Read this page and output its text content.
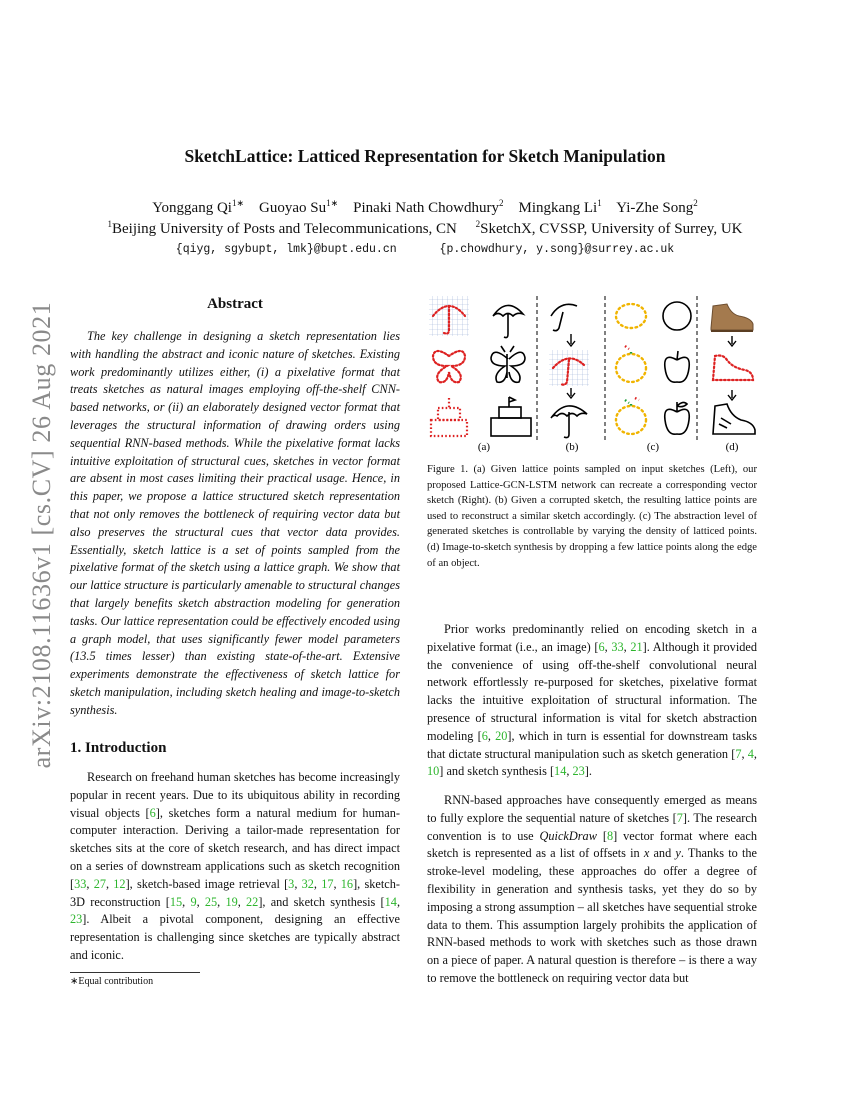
SketchLattice: Latticed Representation for Sketch Manipulation
Yonggang $Qi^{1∗}$ Guoyao $Su^{1∗}$ Pinaki Nath Chowdhury$^2$ Mingkang Li$^1$ Yi-Zhe Song$^2$
$^1$Beijing University of Posts and Telecommunications, CN $^2$SketchX, CVSSP, University of Surrey, UK
{qiyg, sgybupt, lmk}@bupt.edu.cn	{p.chowdhury, y.song}@surrey.ac.uk
arXiv:2108.11636v1 [cs.CV] 26 Aug 2021	Abstract

The key challenge in designing a sketch representation lies with handling the abstract and iconic nature of sketches. Existing work predominantly utilizes either, (i) a pixelative format that treats sketches as natural images employing off-the-shelf CNN-based networks, or (ii) an elaborately designed vector format that leverages the structural information of drawing orders using sequential RNN-based methods. While the pixelative format lacks intuitive exploitation of structural cues, sketches in vector format are absent in most cases limiting their practical usage. Hence, in this paper, we propose a lattice structured sketch representation that not only removes the bottleneck of requiring vector data but also preserves the structural cues that vector data provides. Essentially, sketch lattice is a set of points sampled from the pixelative format of the sketch using a lattice graph. We show that our lattice structure is particularly amenable to structural changes that largely benefits sketch abstraction modeling for generation tasks. Our lattice representation could be effectively encoded using a graph model, that uses significantly fewer model parameters (13.5 times lesser) than existing state-of-the-art. Extensive experiments demonstrate the effectiveness of sketch lattice for sketch manipulation, including sketch healing and image-to-sketch synthesis.

1. Introduction

Research on freehand human sketches has become increasingly popular in recent years. Due to its ubiquitous ability in recording visual objects [6], sketches form a natural medium for human-computer interaction. Deriving a tailor-made representation for sketches sits at the core of sketch research, and has direct impact on a series of downstream applications such as sketch recognition [33, 27, 12], sketch-based image retrieval [3, 32, 17, 16], sketch-3D reconstruction [15, 9, 25, 19, 22], and sketch synthesis [14, 23]. Albeit a pivotal component, designing an effective representation is challenging since sketches are typically abstract and iconic.

∗Equal contribution
(a)	(b)	(c)	(d)

Figure 1. (a) Given lattice points sampled on input sketches (Left), our proposed Lattice-GCN-LSTM network can recreate a corresponding vector sketch (Right). (b) Given a corrupted sketch, the resulting lattice points are used to reconstruct a similar sketch accordingly. (c) The abstraction level of generated sketches is controllable by varying the density of latticed points. (d) Image-to-sketch synthesis by dropping a few lattice points along the edge of an object.

Prior works predominantly relied on encoding sketch in a pixelative format (i.e., an image) [6, 33, 21]. Although it provided the convenience of using off-the-shelf convolutional neural network effortlessly re-purposed for sketches, pixelative format lacks the intuitive exploitation of structural information. The presence of structural information is vital for sketch abstraction modeling [6, 20], which in turn is essential for downstream tasks that dictate structural manipulation such as sketch generation [7, 4, 10] and sketch synthesis [14, 23].

RNN-based approaches have consequently emerged as means to fully explore the sequential nature of sketches [7]. The research convention is to use QuickDraw [8] vector format where each sketch is represented as a list of offsets in x and y. Thanks to the stroke-level modeling, these approaches do offer a degree of flexibility in generation and synthesis tasks, yet they do so by imposing a strong assumption – all sketches have sequential stroke data to them. This assumption largely prohibits the application of RNN-based methods to work with sketches such as those drawn on a piece of paper. A natural question is therefore – is there a way to remove the bottleneck on requiring vector data but
